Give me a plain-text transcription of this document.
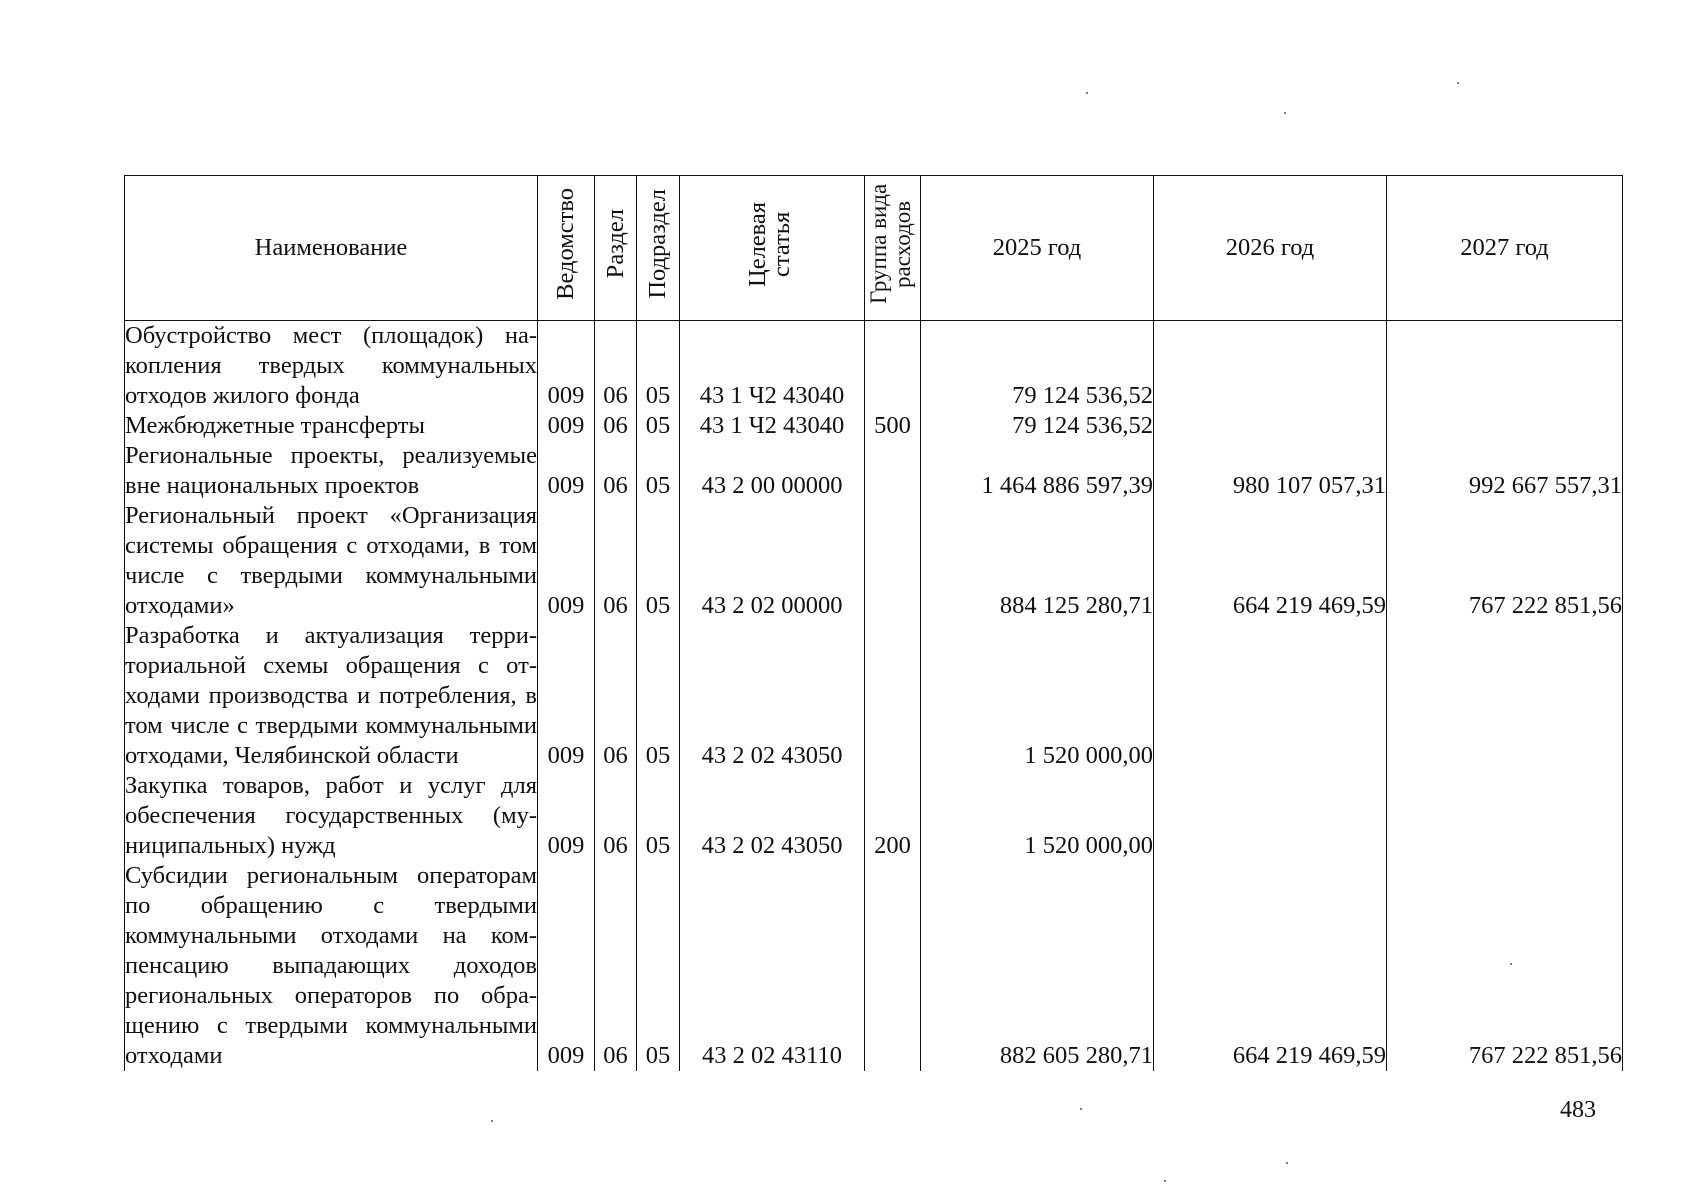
Наименование	Ведомство	Раздел	Подраздел	Целевая статья	Группа вида расходов	2025 год	2026 год	2027 год
Обустройство мест (площадок) накопления твердых коммунальных отходов жилого фонда	009	06	05	43 1 Ч2 43040		79 124 536,52		
Межбюджетные трансферты	009	06	05	43 1 Ч2 43040	500	79 124 536,52		
Региональные проекты, реализуемые вне национальных проектов	009	06	05	43 2 00 00000		1 464 886 597,39	980 107 057,31	992 667 557,31
Региональный проект «Организация системы обращения с отходами, в том числе с твердыми коммунальными отходами»	009	06	05	43 2 02 00000		884 125 280,71	664 219 469,59	767 222 851,56
Разработка и актуализация территориальной схемы обращения с отходами производства и потребления, в том числе с твердыми коммунальными отходами, Челябинской области	009	06	05	43 2 02 43050		1 520 000,00		
Закупка товаров, работ и услуг для обеспечения государственных (муниципальных) нужд	009	06	05	43 2 02 43050	200	1 520 000,00		
Субсидии региональным операторам по обращению с твердыми коммунальными отходами на компенсацию выпадающих доходов региональных операторов по обращению с твердыми коммунальными отходами	009	06	05	43 2 02 43110		882 605 280,71	664 219 469,59	767 222 851,56
483
